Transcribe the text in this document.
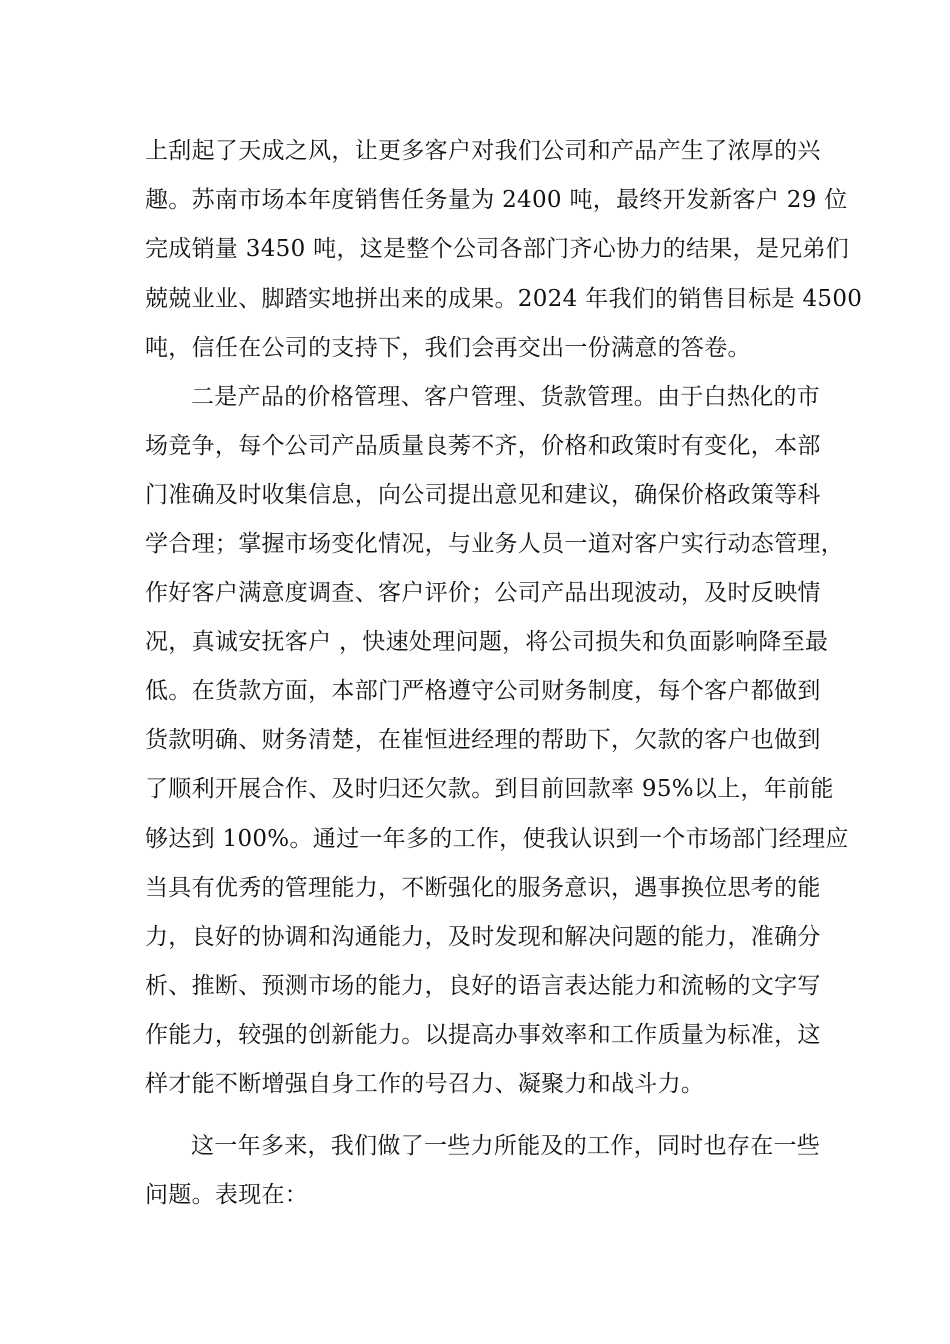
上刮起了天成之风，让更多客户对我们公司和产品产生了浓厚的兴
趣。苏南市场本年度销售任务量为 2400 吨，最终开发新客户 29 位
完成销量 3450 吨，这是整个公司各部门齐心协力的结果，是兄弟们
兢兢业业、脚踏实地拼出来的成果。2024 年我们的销售目标是 4500
吨，信任在公司的支持下，我们会再交出一份满意的答卷。
二是产品的价格管理、客户管理、货款管理。由于白热化的市
场竞争，每个公司产品质量良莠不齐，价格和政策时有变化，本部
门准确及时收集信息，向公司提出意见和建议，确保价格政策等科
学合理；掌握市场变化情况，与业务人员一道对客户实行动态管理，
作好客户满意度调查、客户评价；公司产品出现波动，及时反映情
况，真诚安抚客户 ，快速处理问题，将公司损失和负面影响降至最
低。在货款方面，本部门严格遵守公司财务制度，每个客户都做到
货款明确、财务清楚，在崔恒进经理的帮助下，欠款的客户也做到
了顺利开展合作、及时归还欠款。到目前回款率 95%以上，年前能
够达到 100%。通过一年多的工作，使我认识到一个市场部门经理应
当具有优秀的管理能力，不断强化的服务意识，遇事换位思考的能
力，良好的协调和沟通能力，及时发现和解决问题的能力，准确分
析、推断、预测市场的能力，良好的语言表达能力和流畅的文字写
作能力，较强的创新能力。以提高办事效率和工作质量为标准，这
样才能不断增强自身工作的号召力、凝聚力和战斗力。
这一年多来，我们做了一些力所能及的工作，同时也存在一些
问题。表现在：
